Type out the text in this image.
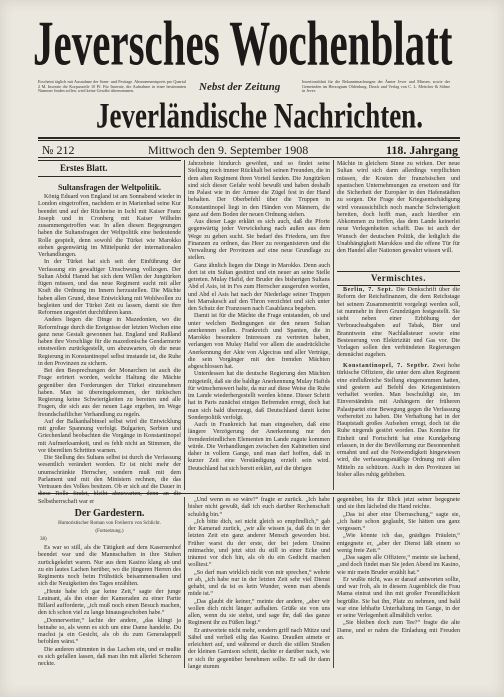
Jeversches Wochenblatt
Erscheint täglich mit Ausnahme der Sonn- und Festtage. Abonnementspreis pro Quartal 2 M. Inserate die Korpuszeile 10 Pf. Für Inserate, die Aufnahme in einer bestimmten Nummer finden sollen, wird keine Gewähr übernommen.	Nebst der Zeitung	Insertionsblatt für die Bekanntmachungen der Ämter Jever und Minsen, sowie der Gemeinden im Herzogtum Oldenburg. Druck und Verlag von C. L. Mettcker & Söhne in Jever.
Jeverländische Nachrichten.
№ 212	Mittwoch den 9. September 1908	118. Jahrgang
Erstes Blatt.
Sultansfragen der Weltpolitik.

König Eduard von England ist am Sonnabend wieder in London eingetroffen, nachdem er in Marienbad seine Kur beendet und auf der Rückreise in Ischl mit Kaiser Franz Joseph und in Cronberg mit Kaiser Wilhelm zusammengetroffen war. In allen diesen Begegnungen haben die Sultansfragen der Weltpolitik eine bedeutende Rolle gespielt, denn sowohl die Türkei wie Marokko stehen gegenwärtig im Mittelpunkt der internationalen Verhandlungen.

In der Türkei hat sich seit der Einführung der Verfassung ein gewaltiger Umschwung vollzogen. Der Sultan Abdul Hamid hat sich dem Willen der Jungtürken fügen müssen, und das neue Regiment sucht mit aller Kraft die Ordnung im Innern herzustellen. Die Mächte haben allen Grund, diese Entwicklung mit Wohlwollen zu begleiten und der Türkei Zeit zu lassen, damit sie ihre Reformen ungestört durchführen kann.

Anders liegen die Dinge in Mazedonien, wo die Reformfrage durch die Ereignisse der letzten Wochen eine ganz neue Gestalt gewonnen hat. England und Rußland haben ihre Vorschläge für die mazedonische Gendarmerie einstweilen zurückgestellt, um abzuwarten, ob die neue Regierung in Konstantinopel selbst imstande ist, die Ruhe in den Provinzen zu sichern.

Bei den Besprechungen der Monarchen ist auch die Frage erörtert worden, welche Haltung die Mächte gegenüber den Forderungen der Türkei einzunehmen haben. Man ist übereingekommen, der türkischen Regierung keine Schwierigkeiten zu bereiten und alle Fragen, die sich aus der neuen Lage ergeben, im Wege freundschaftlicher Verhandlung zu regeln.

Auf der Balkanhalbinsel selbst wird die Entwicklung mit großer Spannung verfolgt. Bulgarien, Serbien und Griechenland beobachten die Vorgänge in Konstantinopel mit Aufmerksamkeit, und es fehlt nicht an Stimmen, die vor übereilten Schritten warnen.

Die Stellung des Sultans selbst ist durch die Verfassung wesentlich verändert worden. Er ist nicht mehr der unumschränkte Herrscher, sondern muß mit dem Parlament und mit den Ministern rechnen, die das Vertrauen des Volkes besitzen. Ob er sich auf die Dauer in diese Rolle findet, bleibt abzuwarten, denn an die Selbstherrschaft war er

Jahrzehnte hindurch gewöhnt, und so findet seine Stellung noch immer Rückhalt bei seinen Freunden, die in dem alten Regiment ihren Vorteil fanden. Die Jungtürken sind sich dieser Gefahr wohl bewußt und haben deshalb im Palast wie in der Armee die Zügel fest in der Hand behalten. Der Oberbefehl über die Truppen in Konstantinopel liegt in den Händen von Männern, die ganz auf dem Boden der neuen Ordnung stehen.

Aus dieser Lage erklärt es sich auch, daß die Pforte gegenwärtig jeder Verwickelung nach außen aus dem Wege zu gehen sucht. Sie bedarf des Friedens, um ihre Finanzen zu ordnen, das Heer zu reorganisieren und die Verwaltung der Provinzen auf eine neue Grundlage zu stellen.

Ganz ähnlich liegen die Dinge in Marokko. Denn auch dort ist ein Sultan gestürzt und ein neuer an seine Stelle getreten. Mulay Hafid, der Bruder des bisherigen Sultans Abd el Asis, ist in Fes zum Herrscher ausgerufen worden, und Abd el Asis hat nach der Niederlage seiner Truppen bei Marrakesch auf den Thron verzichtet und sich unter den Schutz der Franzosen nach Casablanca begeben.

Damit ist für die Mächte die Frage entstanden, ob und unter welchen Bedingungen sie den neuen Sultan anerkennen sollen. Frankreich und Spanien, die in Marokko besondere Interessen zu vertreten haben, verlangen von Mulay Hafid vor allem die ausdrückliche Anerkennung der Akte von Algeciras und aller Verträge, die sein Vorgänger mit den fremden Mächten abgeschlossen hat.

Unterdessen hat die deutsche Regierung den Mächten mitgeteilt, daß sie die baldige Anerkennung Mulay Hafids für wünschenswert halte, da nur auf diese Weise die Ruhe im Lande wiederhergestellt werden könne. Dieser Schritt hat in Paris zunächst einiges Befremden erregt, doch hat man sich bald überzeugt, daß Deutschland damit keine Sonderpolitik verfolgt.

Auch in Frankreich hat man eingesehen, daß eine längere Verzögerung der Anerkennung nur den fremdenfeindlichen Elementen im Lande zugute kommen würde. Die Verhandlungen zwischen den Kabinetten sind daher in vollem Gange, und man darf hoffen, daß in kurzer Zeit eine Verständigung erzielt sein wird. Deutschland hat sich bereit erklärt, auf die übrigen

Mächte in gleichem Sinne zu wirken. Der neue Sultan wird sich dann allerdings verpflichten müssen, die Kosten der französischen und spanischen Unternehmungen zu ersetzen und für die Sicherheit der Europäer in den Hafenstädten zu sorgen. Die Frage der Kriegsentschädigung wird voraussichtlich noch manche Schwierigkeit bereiten, doch hofft man, auch hierüber ein Abkommen zu treffen, das dem Lande keinerlei neue Verlegenheiten schafft. Das ist auch der Wunsch der deutschen Politik, die lediglich die Unabhängigkeit Marokkos und die offene Tür für den Handel aller Nationen gewahrt wissen will.

Vermischtes.

Berlin, 7. Sept. Die Denkschrift über die Reform der Reichsfinanzen, die dem Reichstage bei seinem Zusammentritt vorgelegt werden soll, ist nunmehr in ihren Grundzügen festgestellt. Sie sieht neben einer Erhöhung der Verbrauchsabgaben auf Tabak, Bier und Branntwein eine Nachlaßsteuer sowie eine Besteuerung von Elektrizität und Gas vor. Die Vorlagen sollen den verbündeten Regierungen demnächst zugehen.

Konstantinopel, 7. Septbr. Zwei hohe türkische Offiziere, die unter dem alten Regiment eine einflußreiche Stellung eingenommen hatten, sind gestern auf Befehl des Kriegsministers verhaftet worden. Man beschuldigt sie, im Einverständnis mit Anhängern der früheren Palastpartei eine Bewegung gegen die Verfassung vorbereitet zu haben. Die Verhaftung hat in der Hauptstadt großes Aufsehen erregt, doch ist die Ruhe nirgends gestört worden. Das Komitee für Einheit und Fortschritt hat eine Kundgebung erlassen, in der die Bevölkerung zur Besonnenheit ermahnt und auf die Notwendigkeit hingewiesen wird, die verfassungsmäßige Ordnung mit allen Mitteln zu schützen. Auch in den Provinzen ist bisher alles ruhig geblieben.

Der Gardestern.
Humoristischer Roman von Freiherrn von Schlicht.
(Fortsetzung.)
38)

Es war so still, als die Tätigkeit auf dem Kasernenhof beendet war und die Mannschaften in ihre Stuben zurückgekehrt waren. Nur aus dem Kasino klang ab und zu ein lautes Lachen herüber, wo die jüngeren Herren des Regiments noch beim Frühstück beisammensaßen und sich die Neuigkeiten des Tages erzählten.

„Heute habe ich gar keine Zeit,“ sagte der junge Leutnant, als ihn einer der Kameraden zu einer Partie Billard aufforderte, „ich muß noch einen Besuch machen, den ich schon viel zu lange hinausgeschoben habe.“

„Donnerwetter,“ lachte der andere, „das klingt ja beinahe so, als wenn es sich um eine Dame handelte. Du machst ja ein Gesicht, als ob du zum Generalappell befohlen wärst.“

Die anderen stimmten in das Lachen ein, und er mußte es sich gefallen lassen, daß man ihn mit allerlei Scherzen neckte.

„Und wenn es so wäre?“ fragte er zurück. „Ich habe bisher nicht gewußt, daß ich euch darüber Rechenschaft schuldig bin.“

„Ich bitte dich, sei nicht gleich so empfindlich,“ gab der Kamerad zurück, „wir alle wissen ja, daß du in der letzten Zeit ein ganz anderer Mensch geworden bist. Früher warst du der erste, der bei jedem Unsinn mitmachte, und jetzt sitzt du still in einer Ecke und träumst vor dich hin, als ob du ein Gedicht machen wolltest.“

„So darf man wirklich nicht von mir sprechen,“ wehrte er ab, „ich habe nur in der letzten Zeit sehr viel Dienst gehabt, und da ist es kein Wunder, wenn man abends müde ist.“

„Das glaubt dir keiner,“ meinte der andere, „aber wir wollen dich nicht länger aufhalten. Grüße sie von uns allen, wenn du sie siehst, und sage ihr, daß das ganze Regiment ihr zu Füßen liegt.“

Er antwortete nicht mehr, sondern griff nach Mütze und Säbel und verließ eilig das Kasino. Draußen atmete er erleichtert auf, und während er durch die stillen Straßen der kleinen Garnison schritt, dachte er darüber nach, wie er sich ihr gegenüber benehmen sollte. Er saß ihr dann lange stumm

gegenüber, bis ihr Blick jetzt seiner begegnete und sie ihm lächelnd die Hand reichte.

„Das ist aber eine Überraschung,“ sagte sie, „ich hatte schon geglaubt, Sie hätten uns ganz vergessen.“

„Wie könnte ich das, gnädiges Fräulein,“ entgegnete er, „aber der Dienst läßt einem so wenig freie Zeit.“

„Das sagen alle Offiziere,“ meinte sie lachend, „und doch findet man Sie jeden Abend im Kasino, wie mir mein Bruder erzählt hat.“

Er wußte nicht, was er darauf antworten sollte, und war froh, als in diesem Augenblick die Frau Mama eintrat und ihn mit großer Freundlichkeit begrüßte. Sie bat ihn, Platz zu nehmen, und bald war eine lebhafte Unterhaltung im Gange, in der er seine Verlegenheit allmählich verlor.

„Sie bleiben doch zum Tee?“ fragte die alte Dame, und er nahm die Einladung mit Freuden an.
